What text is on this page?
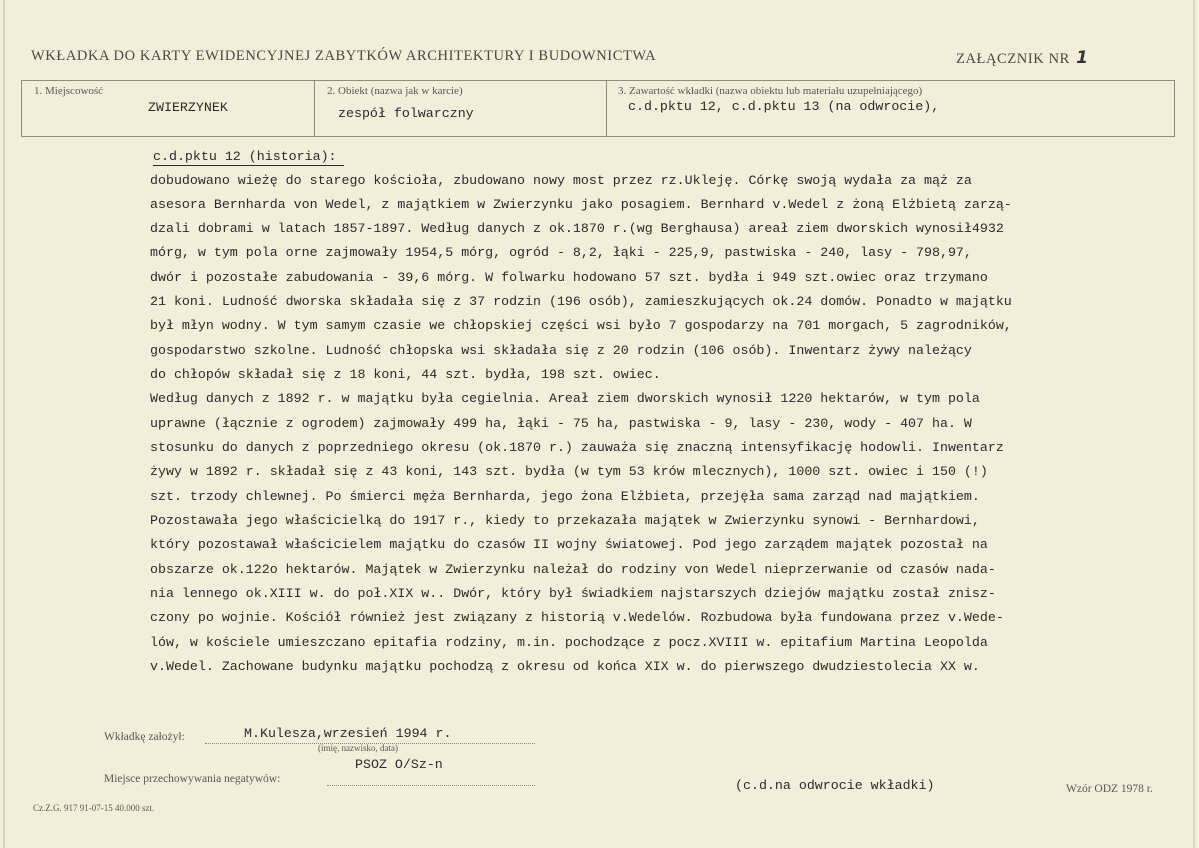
WKŁADKA DO KARTY EWIDENCYJNEJ ZABYTKÓW ARCHITEKTURY I BUDOWNICTWA	ZAŁĄCZNIK NR 1
1. Miejscowość
ZWIERZYNEK
2. Obiekt (nazwa jak w karcie)
zespół folwarczny
3. Zawartość wkładki (nazwa obiektu lub materiału uzupełniającego)
c.d.pktu 12, c.d.pktu 13 (na odwrocie),
c.d.pktu 12 (historia):
dobudowano wieżę do starego kościoła, zbudowano nowy most przez rz.Ukleję. Córkę swoją wydała za mąż za
asesora Bernharda von Wedel, z majątkiem w Zwierzynku jako posagiem. Bernhard v.Wedel z żoną Elżbietą zarzą-
dzali dobrami w latach 1857-1897. Według danych z ok.1870 r.(wg Berghausa) areał ziem dworskich wynosił4932
mórg, w tym pola orne zajmowały 1954,5 mórg, ogród - 8,2, łąki - 225,9, pastwiska - 240, lasy - 798,97,
dwór i pozostałe zabudowania - 39,6 mórg. W folwarku hodowano 57 szt. bydła i 949 szt.owiec oraz trzymano
21 koni. Ludność dworska składała się z 37 rodzin (196 osób), zamieszkujących ok.24 domów. Ponadto w majątku
był młyn wodny. W tym samym czasie we chłopskiej części wsi było 7 gospodarzy na 701 morgach, 5 zagrodników,
gospodarstwo szkolne. Ludność chłopska wsi składała się z 20 rodzin (106 osób). Inwentarz żywy należący
do chłopów składał się z 18 koni, 44 szt. bydła, 198 szt. owiec.
Według danych z 1892 r. w majątku była cegielnia. Areał ziem dworskich wynosił 1220 hektarów, w tym pola
uprawne (łącznie z ogrodem) zajmowały 499 ha, łąki - 75 ha, pastwiska - 9, lasy - 230, wody - 407 ha. W
stosunku do danych z poprzedniego okresu (ok.1870 r.) zauważa się znaczną intensyfikację hodowli. Inwentarz
żywy w 1892 r. składał się z 43 koni, 143 szt. bydła (w tym 53 krów mlecznych), 1000 szt. owiec i 150 (!)
szt. trzody chlewnej. Po śmierci męża Bernharda, jego żona Elżbieta, przejęła sama zarząd nad majątkiem.
Pozostawała jego właścicielką do 1917 r., kiedy to przekazała majątek w Zwierzynku synowi - Bernhardowi,
który pozostawał właścicielem majątku do czasów II wojny światowej. Pod jego zarządem majątek pozostał na
obszarze ok.122o hektarów. Majątek w Zwierzynku należał do rodziny von Wedel nieprzerwanie od czasów nada-
nia lennego ok.XIII w. do poł.XIX w.. Dwór, który był świadkiem najstarszych dziejów majątku został znisz-
czony po wojnie. Kościół również jest związany z historią v.Wedelów. Rozbudowa była fundowana przez v.Wede-
lów, w kościele umieszczano epitafia rodziny, m.in. pochodzące z pocz.XVIII w. epitafium Martina Leopolda
v.Wedel. Zachowane budynku majątku pochodzą z okresu od końca XIX w. do pierwszego dwudziestolecia XX w.
Wkładkę założył:	M.Kulesza,wrzesień 1994 r.
(imię, nazwisko, data)
PSOZ O/Sz-n
Miejsce przechowywania negatywów:	(c.d.na odwrocie wkładki)	Wzór ODZ 1978 r.
Cz.Z.G. 917 91-07-15 40.000 szt.
